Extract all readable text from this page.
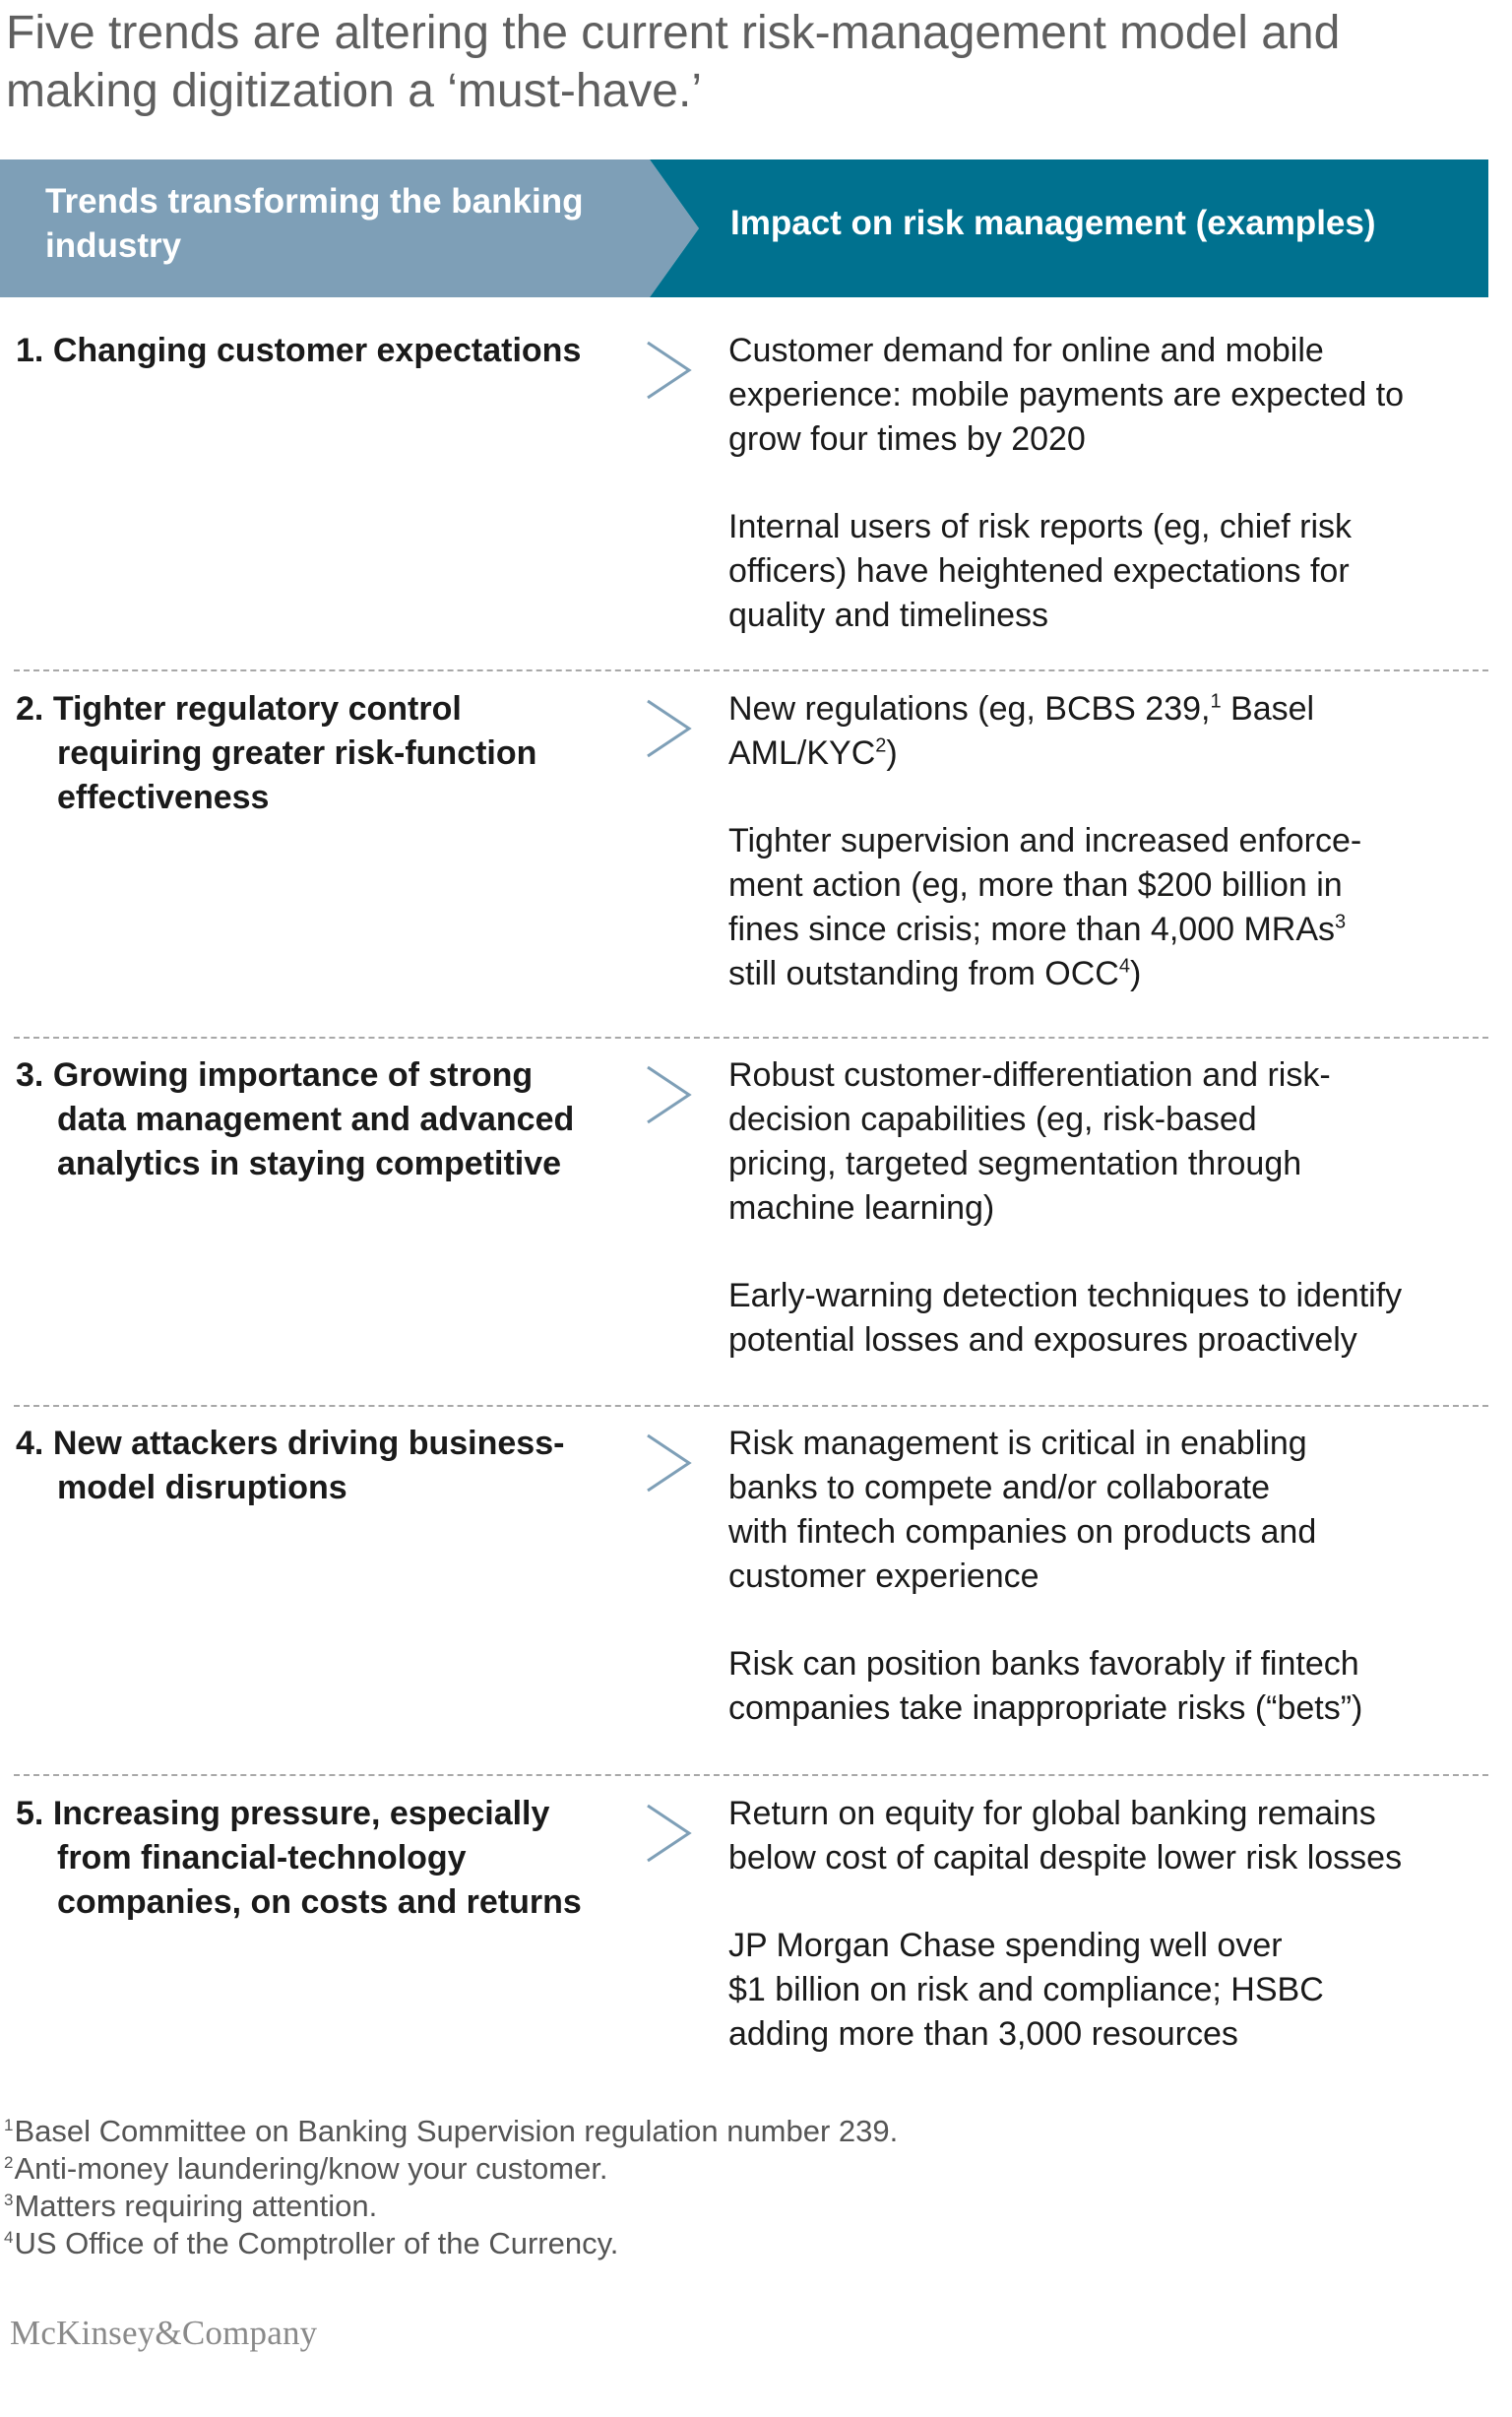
Five trends are altering the current risk-management model and making digitization a ‘must-have.’
Trends transforming the banking industry
Impact on risk management (examples)
1. Changing customer expectations	Customer demand for online and mobile
experience: mobile payments are expected to
grow four times by 2020

Internal users of risk reports (eg, chief risk
officers) have heightened expectations for
quality and timeliness

2. Tighter regulatory control
requiring greater risk-function
effectiveness

New regulations (eg, BCBS 239,$^1$ Basel
AML/KYC$^2$)

Tighter supervision and increased enforce-
ment action (eg, more than $200 billion in
fines since crisis; more than 4,000 MRAs$^3$
still outstanding from OCC$^4$)

3. Growing importance of strong
data management and advanced
analytics in staying competitive

Robust customer-differentiation and risk-
decision capabilities (eg, risk-based
pricing, targeted segmentation through
machine learning)

Early-warning detection techniques to identify
potential losses and exposures proactively

4. New attackers driving business-
model disruptions

Risk management is critical in enabling
banks to compete and/or collaborate
with fintech companies on products and
customer experience

Risk can position banks favorably if fintech
companies take inappropriate risks (“bets”)

5. Increasing pressure, especially
from financial-technology
companies, on costs and returns

Return on equity for global banking remains
below cost of capital despite lower risk losses

JP Morgan Chase spending well over
$1 billion on risk and compliance; HSBC
adding more than 3,000 resources

$^1$Basel Committee on Banking Supervision regulation number 239.
$^2$Anti-money laundering/know your customer.
$^3$Matters requiring attention.
$^4$US Office of the Comptroller of the Currency.
McKinsey&Company
